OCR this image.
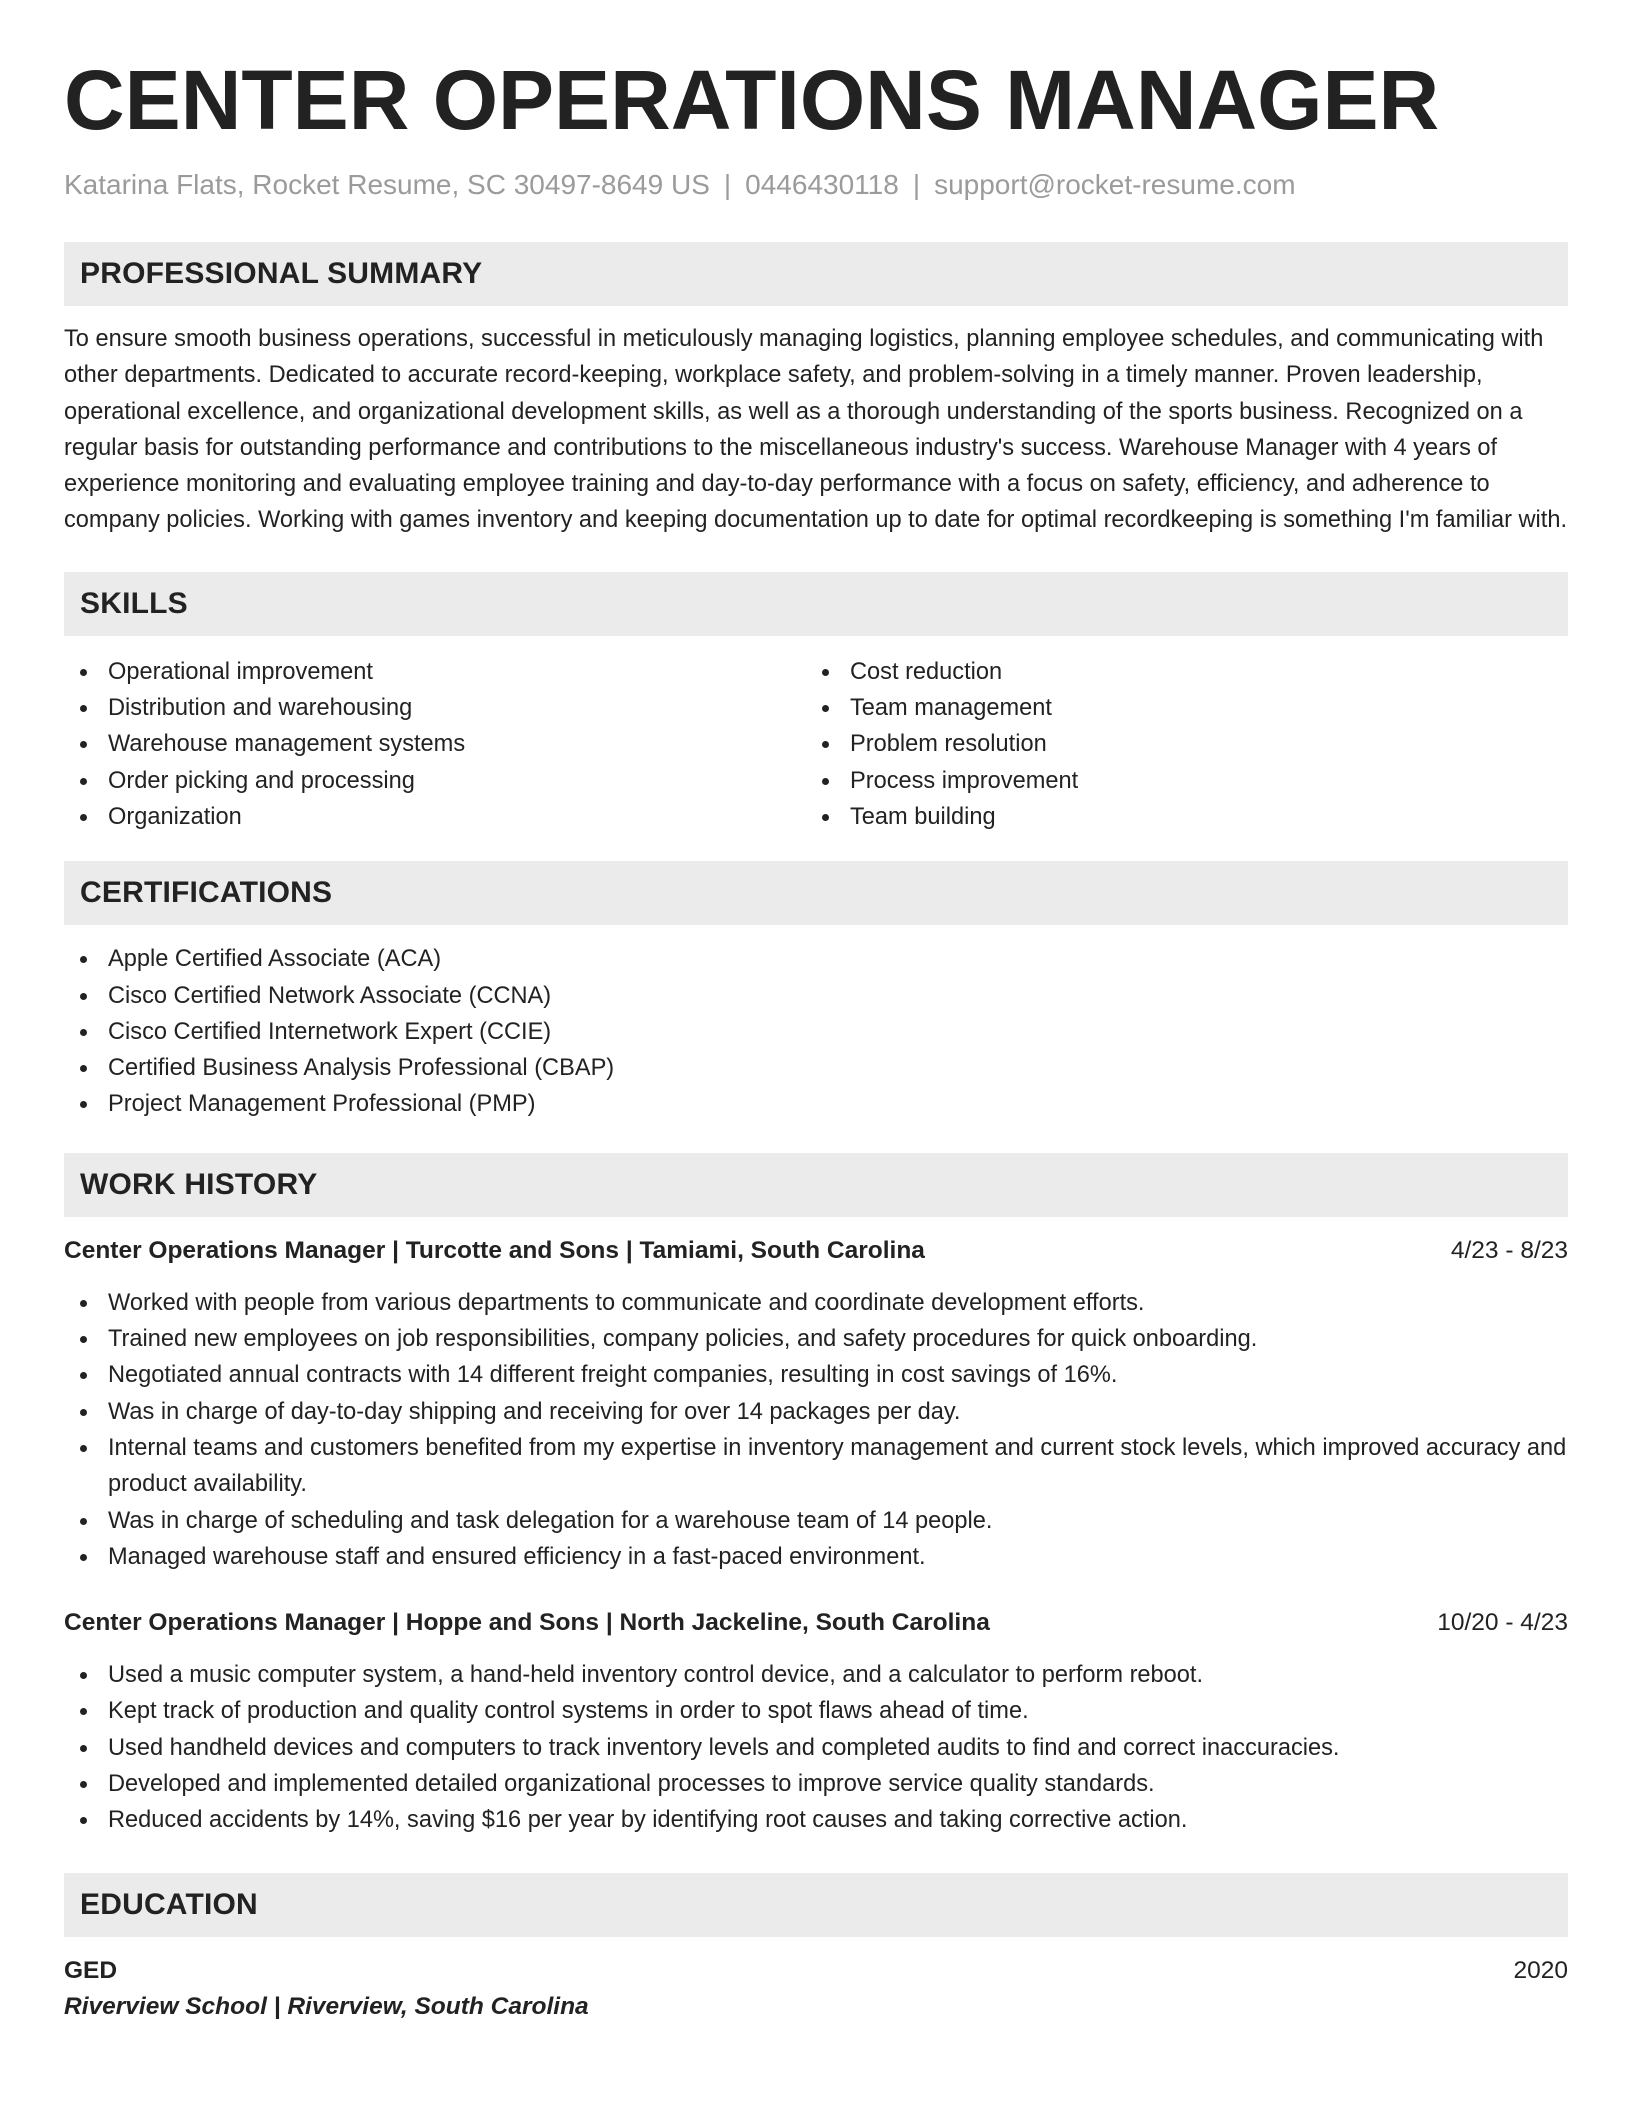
CENTER OPERATIONS MANAGER
Katarina Flats, Rocket Resume, SC 30497-8649 US | 0446430118 | support@rocket-resume.com
PROFESSIONAL SUMMARY

To ensure smooth business operations, successful in meticulously managing logistics, planning employee schedules, and communicating with other departments. Dedicated to accurate record-keeping, workplace safety, and problem-solving in a timely manner. Proven leadership, operational excellence, and organizational development skills, as well as a thorough understanding of the sports business. Recognized on a regular basis for outstanding performance and contributions to the miscellaneous industry's success. Warehouse Manager with 4 years of experience monitoring and evaluating employee training and day-to-day performance with a focus on safety, efficiency, and adherence to company policies. Working with games inventory and keeping documentation up to date for optimal recordkeeping is something I'm familiar with.

SKILLS
Operational improvement
Distribution and warehousing
Warehouse management systems
Order picking and processing
Organization
Cost reduction
Team management
Problem resolution
Process improvement
Team building
CERTIFICATIONS
Apple Certified Associate (ACA)
Cisco Certified Network Associate (CCNA)
Cisco Certified Internetwork Expert (CCIE)
Certified Business Analysis Professional (CBAP)
Project Management Professional (PMP)
WORK HISTORY
Center Operations Manager | Turcotte and Sons | Tamiami, South Carolina	4/23 - 8/23
Worked with people from various departments to communicate and coordinate development efforts.
Trained new employees on job responsibilities, company policies, and safety procedures for quick onboarding.
Negotiated annual contracts with 14 different freight companies, resulting in cost savings of 16%.
Was in charge of day-to-day shipping and receiving for over 14 packages per day.
Internal teams and customers benefited from my expertise in inventory management and current stock levels, which improved accuracy and product availability.
Was in charge of scheduling and task delegation for a warehouse team of 14 people.
Managed warehouse staff and ensured efficiency in a fast-paced environment.
Center Operations Manager | Hoppe and Sons | North Jackeline, South Carolina	10/20 - 4/23
Used a music computer system, a hand-held inventory control device, and a calculator to perform reboot.
Kept track of production and quality control systems in order to spot flaws ahead of time.
Used handheld devices and computers to track inventory levels and completed audits to find and correct inaccuracies.
Developed and implemented detailed organizational processes to improve service quality standards.
Reduced accidents by 14%, saving $16 per year by identifying root causes and taking corrective action.
EDUCATION
GED	2020
Riverview School | Riverview, South Carolina
